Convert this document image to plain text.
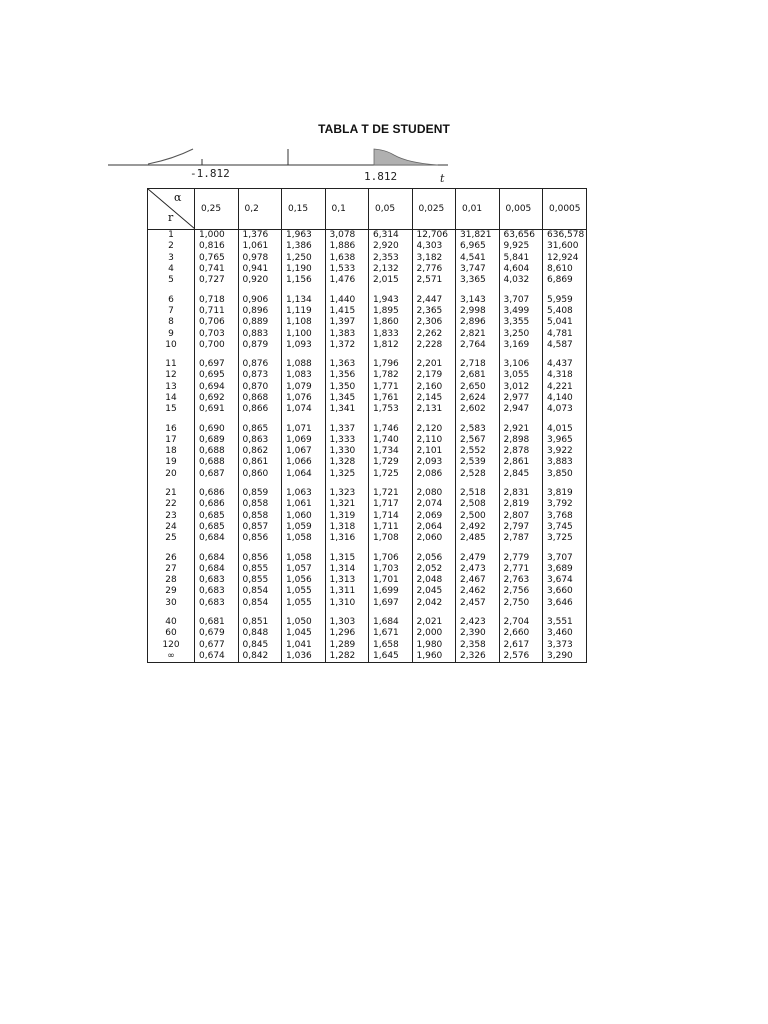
TABLA T DE STUDENT
-1.812	1.812	t
α
r	0,25	0,2	0,15	0,1	0,05	0,025	0,01	0,005	0,0005
1	1,000	1,376	1,963	3,078	6,314	12,706	31,821	63,656	636,578
2	0,816	1,061	1,386	1,886	2,920	4,303	6,965	9,925	31,600
3	0,765	0,978	1,250	1,638	2,353	3,182	4,541	5,841	12,924
4	0,741	0,941	1,190	1,533	2,132	2,776	3,747	4,604	8,610
5	0,727	0,920	1,156	1,476	2,015	2,571	3,365	4,032	6,869

6	0,718	0,906	1,134	1,440	1,943	2,447	3,143	3,707	5,959
7	0,711	0,896	1,119	1,415	1,895	2,365	2,998	3,499	5,408
8	0,706	0,889	1,108	1,397	1,860	2,306	2,896	3,355	5,041
9	0,703	0,883	1,100	1,383	1,833	2,262	2,821	3,250	4,781
10	0,700	0,879	1,093	1,372	1,812	2,228	2,764	3,169	4,587

11	0,697	0,876	1,088	1,363	1,796	2,201	2,718	3,106	4,437
12	0,695	0,873	1,083	1,356	1,782	2,179	2,681	3,055	4,318
13	0,694	0,870	1,079	1,350	1,771	2,160	2,650	3,012	4,221
14	0,692	0,868	1,076	1,345	1,761	2,145	2,624	2,977	4,140
15	0,691	0,866	1,074	1,341	1,753	2,131	2,602	2,947	4,073

16	0,690	0,865	1,071	1,337	1,746	2,120	2,583	2,921	4,015
17	0,689	0,863	1,069	1,333	1,740	2,110	2,567	2,898	3,965
18	0,688	0,862	1,067	1,330	1,734	2,101	2,552	2,878	3,922
19	0,688	0,861	1,066	1,328	1,729	2,093	2,539	2,861	3,883
20	0,687	0,860	1,064	1,325	1,725	2,086	2,528	2,845	3,850

21	0,686	0,859	1,063	1,323	1,721	2,080	2,518	2,831	3,819
22	0,686	0,858	1,061	1,321	1,717	2,074	2,508	2,819	3,792
23	0,685	0,858	1,060	1,319	1,714	2,069	2,500	2,807	3,768
24	0,685	0,857	1,059	1,318	1,711	2,064	2,492	2,797	3,745
25	0,684	0,856	1,058	1,316	1,708	2,060	2,485	2,787	3,725

26	0,684	0,856	1,058	1,315	1,706	2,056	2,479	2,779	3,707
27	0,684	0,855	1,057	1,314	1,703	2,052	2,473	2,771	3,689
28	0,683	0,855	1,056	1,313	1,701	2,048	2,467	2,763	3,674
29	0,683	0,854	1,055	1,311	1,699	2,045	2,462	2,756	3,660
30	0,683	0,854	1,055	1,310	1,697	2,042	2,457	2,750	3,646

40	0,681	0,851	1,050	1,303	1,684	2,021	2,423	2,704	3,551
60	0,679	0,848	1,045	1,296	1,671	2,000	2,390	2,660	3,460
120	0,677	0,845	1,041	1,289	1,658	1,980	2,358	2,617	3,373
∞	0,674	0,842	1,036	1,282	1,645	1,960	2,326	2,576	3,290
